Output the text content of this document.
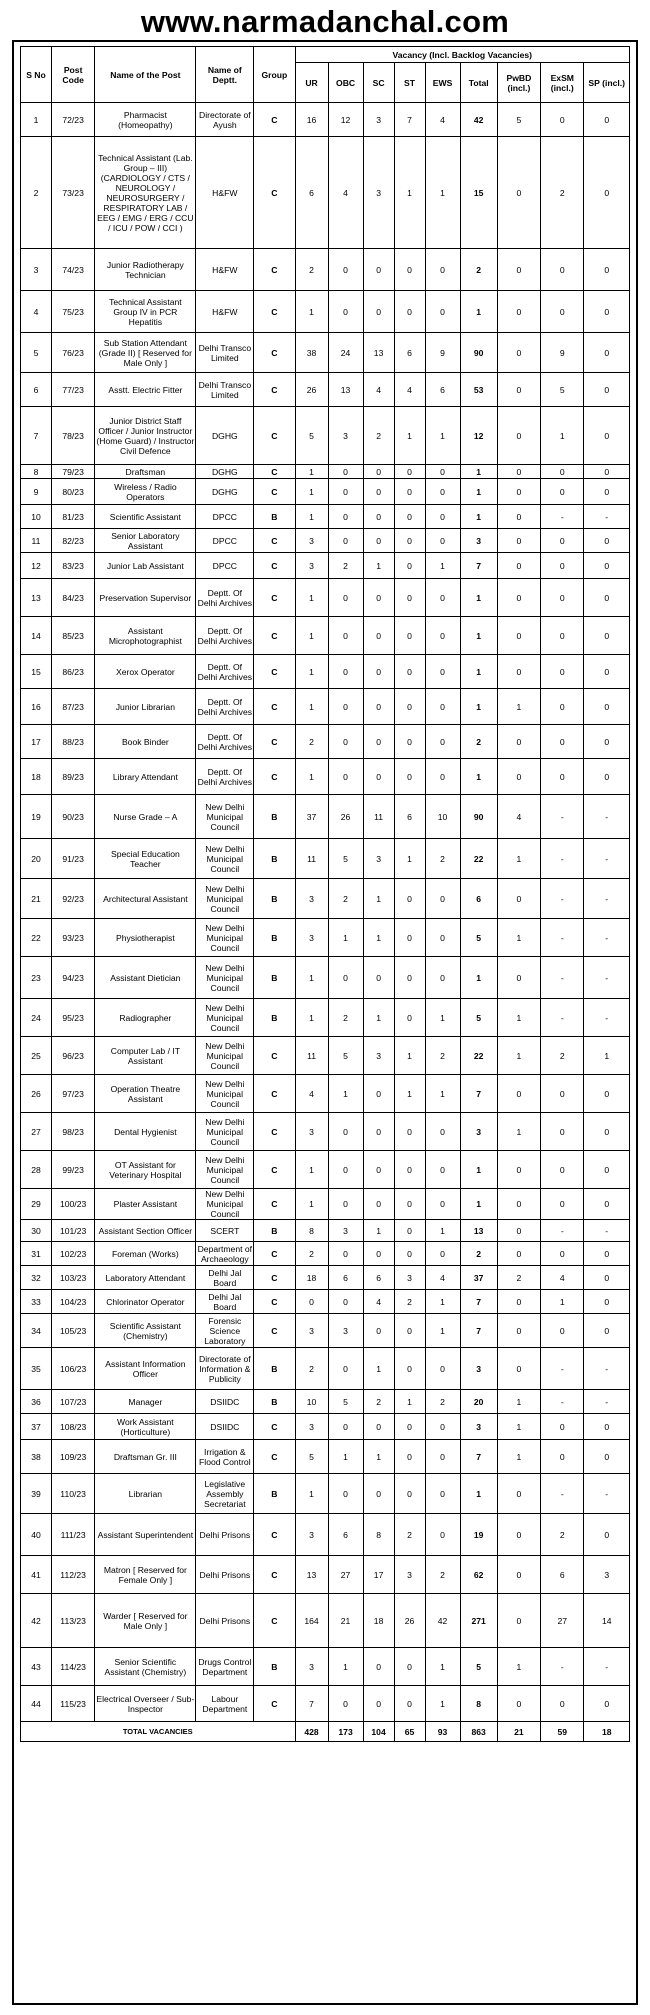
www.narmadanchal.com
S No	Post Code	Name of the Post	Name of Deptt.	Group	Vacancy (Incl. Backlog Vacancies)								
					UR	OBC	SC	ST	EWS	Total	PwBD (incl.)	ExSM (incl.)	SP (incl.)
1	72/23	Pharmacist (Homeopathy)	Directorate of Ayush	C	16	12	3	7	4	42	5	0	0
2	73/23	Technical Assistant (Lab. Group – III) (CARDIOLOGY / CTS / NEUROLOGY / NEUROSURGERY / RESPIRATORY LAB / EEG / EMG / ERG / CCU / ICU / POW / CCI )	H&FW	C	6	4	3	1	1	15	0	2	0
3	74/23	Junior Radiotherapy Technician	H&FW	C	2	0	0	0	0	2	0	0	0
4	75/23	Technical Assistant Group IV in PCR Hepatitis	H&FW	C	1	0	0	0	0	1	0	0	0
5	76/23	Sub Station Attendant (Grade II) [ Reserved for Male Only ]	Delhi Transco Limited	C	38	24	13	6	9	90	0	9	0
6	77/23	Asstt. Electric Fitter	Delhi Transco Limited	C	26	13	4	4	6	53	0	5	0
7	78/23	Junior District Staff Officer / Junior Instructor (Home Guard) / Instructor Civil Defence	DGHG	C	5	3	2	1	1	12	0	1	0
8	79/23	Draftsman	DGHG	C	1	0	0	0	0	1	0	0	0
9	80/23	Wireless / Radio Operators	DGHG	C	1	0	0	0	0	1	0	0	0
10	81/23	Scientific Assistant	DPCC	B	1	0	0	0	0	1	0	-	-
11	82/23	Senior Laboratory Assistant	DPCC	C	3	0	0	0	0	3	0	0	0
12	83/23	Junior Lab Assistant	DPCC	C	3	2	1	0	1	7	0	0	0
13	84/23	Preservation Supervisor	Deptt. Of Delhi Archives	C	1	0	0	0	0	1	0	0	0
14	85/23	Assistant Microphotographist	Deptt. Of Delhi Archives	C	1	0	0	0	0	1	0	0	0
15	86/23	Xerox Operator	Deptt. Of Delhi Archives	C	1	0	0	0	0	1	0	0	0
16	87/23	Junior Librarian	Deptt. Of Delhi Archives	C	1	0	0	0	0	1	1	0	0
17	88/23	Book Binder	Deptt. Of Delhi Archives	C	2	0	0	0	0	2	0	0	0
18	89/23	Library Attendant	Deptt. Of Delhi Archives	C	1	0	0	0	0	1	0	0	0
19	90/23	Nurse Grade – A	New Delhi Municipal Council	B	37	26	11	6	10	90	4	-	-
20	91/23	Special Education Teacher	New Delhi Municipal Council	B	11	5	3	1	2	22	1	-	-
21	92/23	Architectural Assistant	New Delhi Municipal Council	B	3	2	1	0	0	6	0	-	-
22	93/23	Physiotherapist	New Delhi Municipal Council	B	3	1	1	0	0	5	1	-	-
23	94/23	Assistant Dietician	New Delhi Municipal Council	B	1	0	0	0	0	1	0	-	-
24	95/23	Radiographer	New Delhi Municipal Council	B	1	2	1	0	1	5	1	-	-
25	96/23	Computer Lab / IT Assistant	New Delhi Municipal Council	C	11	5	3	1	2	22	1	2	1
26	97/23	Operation Theatre Assistant	New Delhi Municipal Council	C	4	1	0	1	1	7	0	0	0
27	98/23	Dental Hygienist	New Delhi Municipal Council	C	3	0	0	0	0	3	1	0	0
28	99/23	OT Assistant for Veterinary Hospital	New Delhi Municipal Council	C	1	0	0	0	0	1	0	0	0
29	100/23	Plaster Assistant	New Delhi Municipal Council	C	1	0	0	0	0	1	0	0	0
30	101/23	Assistant Section Officer	SCERT	B	8	3	1	0	1	13	0	-	-
31	102/23	Foreman (Works)	Department of Archaeology	C	2	0	0	0	0	2	0	0	0
32	103/23	Laboratory Attendant	Delhi Jal Board	C	18	6	6	3	4	37	2	4	0
33	104/23	Chlorinator Operator	Delhi Jal Board	C	0	0	4	2	1	7	0	1	0
34	105/23	Scientific Assistant (Chemistry)	Forensic Science Laboratory	C	3	3	0	0	1	7	0	0	0
35	106/23	Assistant Information Officer	Directorate of Information & Publicity	B	2	0	1	0	0	3	0	-	-
36	107/23	Manager	DSIIDC	B	10	5	2	1	2	20	1	-	-
37	108/23	Work Assistant (Horticulture)	DSIIDC	C	3	0	0	0	0	3	1	0	0
38	109/23	Draftsman Gr. III	Irrigation & Flood Control	C	5	1	1	0	0	7	1	0	0
39	110/23	Librarian	Legislative Assembly Secretariat	B	1	0	0	0	0	1	0	-	-
40	111/23	Assistant Superintendent	Delhi Prisons	C	3	6	8	2	0	19	0	2	0
41	112/23	Matron [ Reserved for Female Only ]	Delhi Prisons	C	13	27	17	3	2	62	0	6	3
42	113/23	Warder [ Reserved for Male Only ]	Delhi Prisons	C	164	21	18	26	42	271	0	27	14
43	114/23	Senior Scientific Assistant (Chemistry)	Drugs Control Department	B	3	1	0	0	1	5	1	-	-
44	115/23	Electrical Overseer / Sub-Inspector	Labour Department	C	7	0	0	0	1	8	0	0	0
TOTAL VACANCIES					428	173	104	65	93	863	21	59	18
